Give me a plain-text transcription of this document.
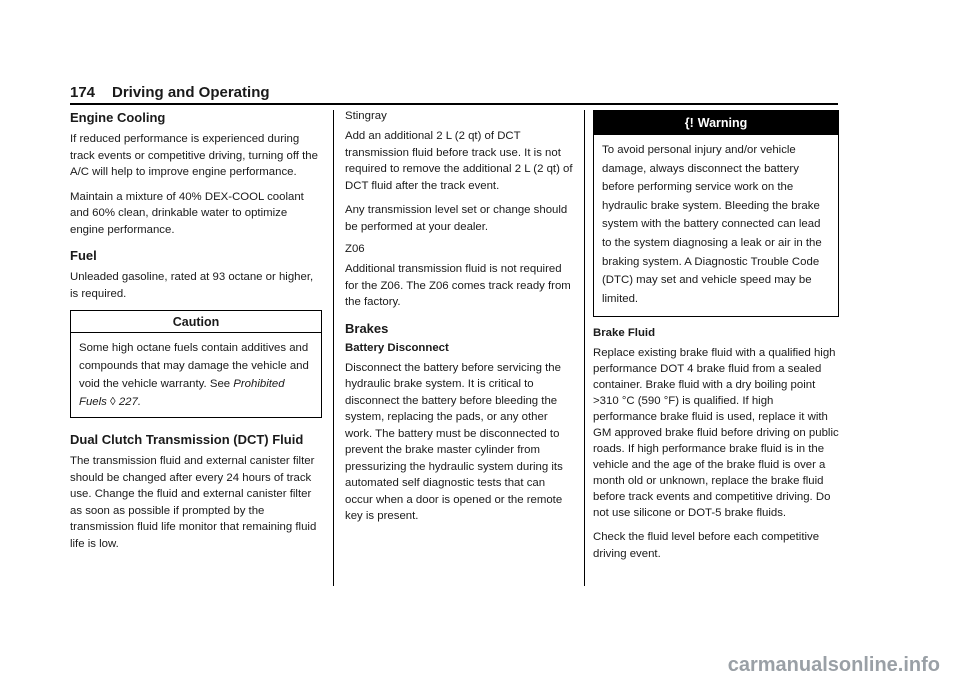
174 Driving and Operating
Engine Cooling

If reduced performance is experienced during track events or competitive driving, turning off the A/C will help to improve engine performance.

Maintain a mixture of 40% DEX-COOL coolant and 60% clean, drinkable water to optimize engine performance.

Fuel

Unleaded gasoline, rated at 93 octane or higher, is required.

Caution
Some high octane fuels contain additives and compounds that may damage the vehicle and void the vehicle warranty. See Prohibited Fuels ◊ 227.
Dual Clutch Transmission (DCT) Fluid

The transmission fluid and external canister filter should be changed after every 24 hours of track use. Change the fluid and external canister filter as soon as possible if prompted by the transmission fluid life monitor that remaining fluid life is low.

Stingray

Add an additional 2 L (2 qt) of DCT transmission fluid before track use. It is not required to remove the additional 2 L (2 qt) of DCT fluid after the track event.

Any transmission level set or change should be performed at your dealer.

Z06

Additional transmission fluid is not required for the Z06. The Z06 comes track ready from the factory.

Brakes
Battery Disconnect

Disconnect the battery before servicing the hydraulic brake system. It is critical to disconnect the battery before bleeding the system, replacing the pads, or any other work. The battery must be disconnected to prevent the brake master cylinder from pressurizing the hydraulic system during its automated self diagnostic tests that can occur when a door is opened or the remote key is present.

{! Warning
To avoid personal injury and/or vehicle damage, always disconnect the battery before performing service work on the hydraulic brake system. Bleeding the brake system with the battery connected can lead to the system diagnosing a leak or air in the braking system. A Diagnostic Trouble Code (DTC) may set and vehicle speed may be limited.
Brake Fluid

Replace existing brake fluid with a qualified high performance DOT 4 brake fluid from a sealed container. Brake fluid with a dry boiling point >310 °C (590 °F) is qualified. If high performance brake fluid is used, replace it with GM approved brake fluid before driving on public roads. If high performance brake fluid is in the vehicle and the age of the brake fluid is over a month old or unknown, replace the brake fluid before track events and competitive driving. Do not use silicone or DOT-5 brake fluids.

Check the fluid level before each competitive driving event.

carmanualsonline.info
